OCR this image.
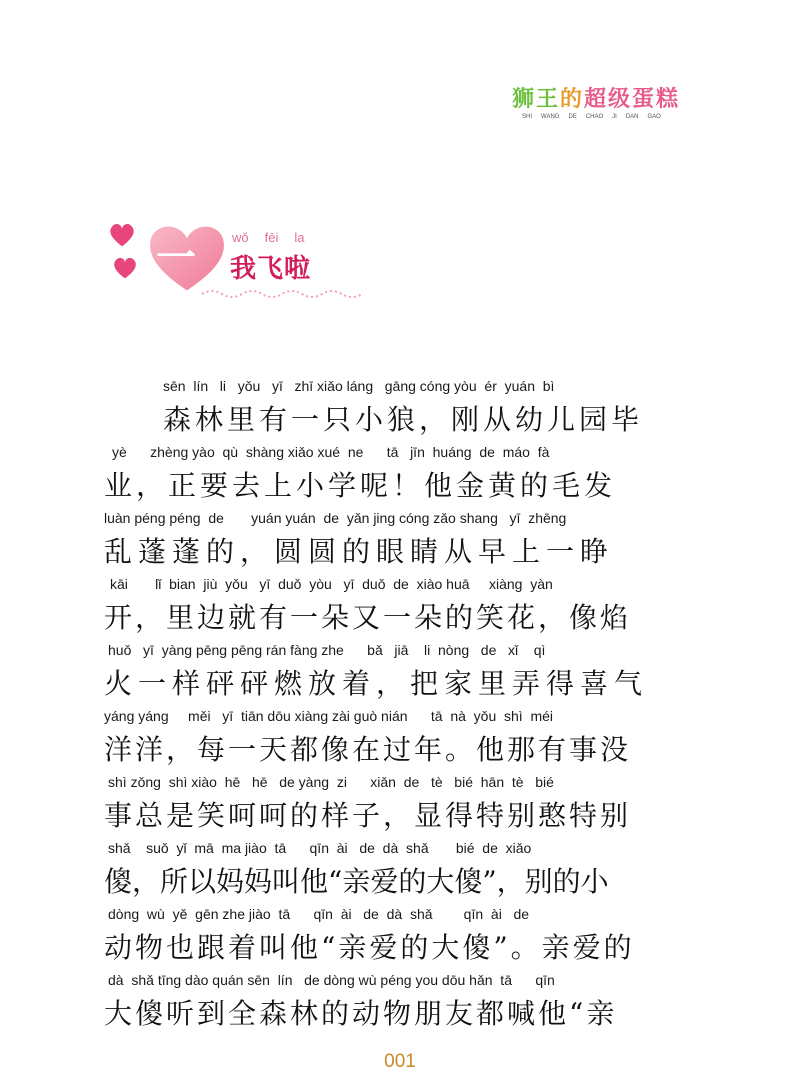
狮王的超级蛋糕
SHI WANG DE CHAO JI DAN GAO
一	wǒ fēi la
我飞啦
sēn  lín   li   yǒu   yī   zhī xiǎo láng   gāng cóng yòu  ér  yuán  bì
森林里有一只小狼，刚从幼儿园毕
yè      zhèng yào  qù  shàng xiǎo xué  ne      tā   jīn  huáng  de  máo  fà
业，正要去上小学呢！他金黄的毛发
luàn péng péng  de       yuán yuán  de  yǎn jing cóng zǎo shang   yī  zhēng
乱蓬蓬的，圆圆的眼睛从早上一睁
kāi       lǐ  bian  jiù  yǒu   yī  duǒ  yòu   yī  duǒ  de  xiào huā     xiàng  yàn
开，里边就有一朵又一朵的笑花，像焰
huǒ   yī  yàng pēng pēng rán fàng zhe      bǎ   jiā    li  nòng   de   xǐ    qì
火一样砰砰燃放着，把家里弄得喜气
yáng yáng     měi   yī  tiān dōu xiàng zài guò nián      tā  nà  yǒu  shì  méi
洋洋，每一天都像在过年。他那有事没
shì zǒng  shì xiào  hē   hē   de yàng  zi      xiǎn  de   tè   bié  hān  tè   bié
事总是笑呵呵的样子，显得特别憨特别
shǎ    suǒ  yǐ  mā  ma jiào  tā      qīn  ài   de  dà  shǎ       bié  de  xiǎo
傻，所以妈妈叫他“亲爱的大傻”，别的小
dòng  wù  yě  gēn zhe jiào  tā      qīn  ài   de  dà  shǎ        qīn  ài   de
动物也跟着叫他“亲爱的大傻”。亲爱的
dà  shǎ tīng dào quán sēn  lín   de dòng wù péng you dōu hǎn  tā      qīn
大傻听到全森林的动物朋友都喊他“亲
001
